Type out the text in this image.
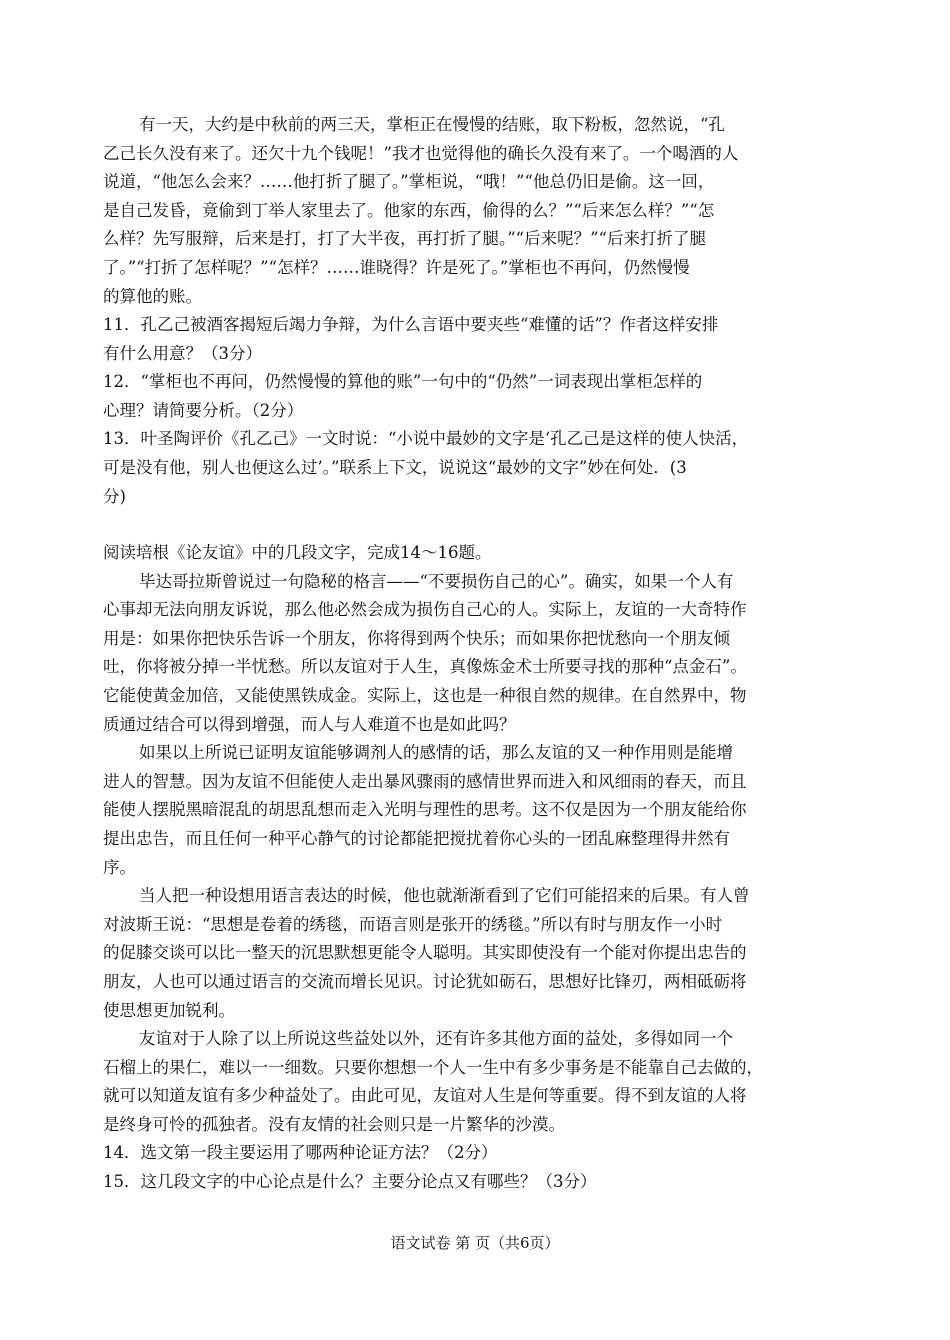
有一天，大约是中秋前的两三天，掌柜正在慢慢的结账，取下粉板，忽然说，“孔
乙己长久没有来了。还欠十九个钱呢！”我才也觉得他的确长久没有来了。一个喝酒的人
说道，“他怎么会来？……他打折了腿了。”掌柜说，“哦！”“他总仍旧是偷。这一回，
是自己发昏，竟偷到丁举人家里去了。他家的东西，偷得的么？”“后来怎么样？”“怎
么样？先写服辩，后来是打，打了大半夜，再打折了腿。”“后来呢？”“后来打折了腿
了。”“打折了怎样呢？”“怎样？……谁晓得？许是死了。”掌柜也不再问，仍然慢慢
的算他的账。
11．孔乙己被酒客揭短后竭力争辩，为什么言语中要夹些“难懂的话”？作者这样安排
有什么用意？（3分）
12．“掌柜也不再问，仍然慢慢的算他的账”一句中的“仍然”一词表现出掌柜怎样的
心理？请简要分析。（2分）
13．叶圣陶评价《孔乙己》一文时说：“小说中最妙的文字是‘孔乙己是这样的使人快活，
可是没有他，别人也便这么过’。”联系上下文，说说这“最妙的文字”妙在何处．(3
分)
阅读培根《论友谊》中的几段文字，完成14～16题。
毕达哥拉斯曾说过一句隐秘的格言——“不要损伤自己的心”。确实，如果一个人有
心事却无法向朋友诉说，那么他必然会成为损伤自己心的人。实际上，友谊的一大奇特作
用是：如果你把快乐告诉一个朋友，你将得到两个快乐；而如果你把忧愁向一个朋友倾
吐，你将被分掉一半忧愁。所以友谊对于人生，真像炼金术士所要寻找的那种“点金石”。
它能使黄金加倍，又能使黑铁成金。实际上，这也是一种很自然的规律。在自然界中，物
质通过结合可以得到增强，而人与人难道不也是如此吗？
如果以上所说已证明友谊能够调剂人的感情的话，那么友谊的又一种作用则是能增
进人的智慧。因为友谊不但能使人走出暴风骤雨的感情世界而进入和风细雨的春天，而且
能使人摆脱黑暗混乱的胡思乱想而走入光明与理性的思考。这不仅是因为一个朋友能给你
提出忠告，而且任何一种平心静气的讨论都能把搅扰着你心头的一团乱麻整理得井然有
序。
当人把一种设想用语言表达的时候，他也就渐渐看到了它们可能招来的后果。有人曾
对波斯王说：“思想是卷着的绣毯，而语言则是张开的绣毯。”所以有时与朋友作一小时
的促膝交谈可以比一整天的沉思默想更能令人聪明。其实即使没有一个能对你提出忠告的
朋友，人也可以通过语言的交流而增长见识。讨论犹如砺石，思想好比锋刃，两相砥砺将
使思想更加锐利。
友谊对于人除了以上所说这些益处以外，还有许多其他方面的益处，多得如同一个
石榴上的果仁，难以一一细数。只要你想想一个人一生中有多少事务是不能靠自己去做的，
就可以知道友谊有多少种益处了。由此可见，友谊对人生是何等重要。得不到友谊的人将
是终身可怜的孤独者。没有友情的社会则只是一片繁华的沙漠。
14．选文第一段主要运用了哪两种论证方法？（2分）
15．这几段文字的中心论点是什么？主要分论点又有哪些？（3分）
语文试卷 第 页（共6页）
